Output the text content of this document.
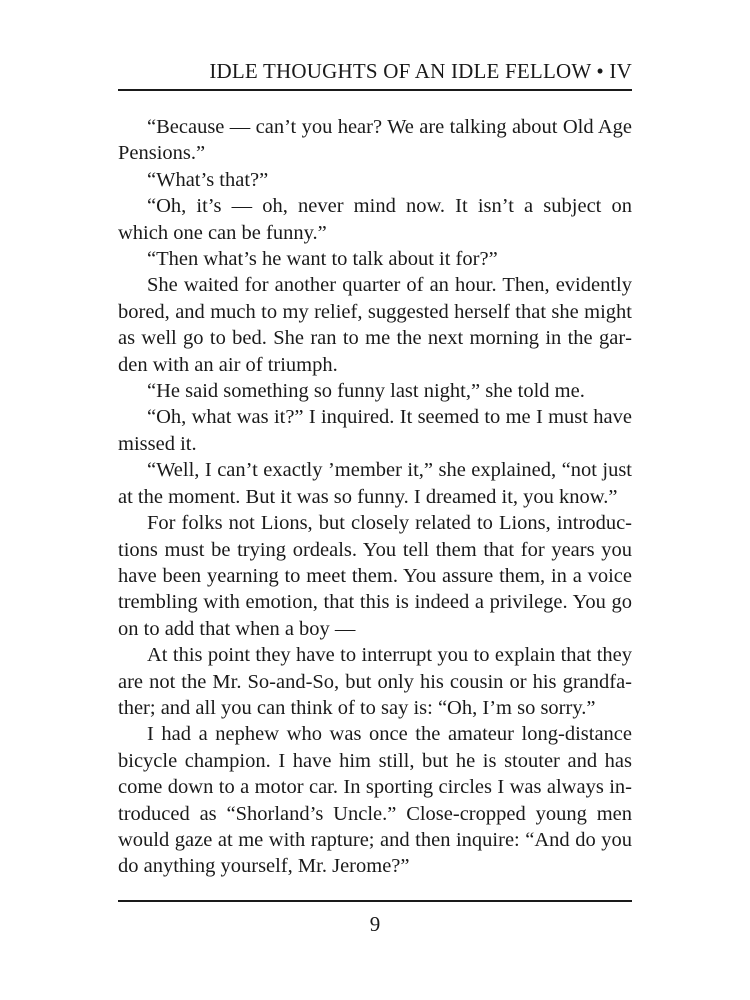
IDLE THOUGHTS OF AN IDLE FELLOW • IV

“Because — can’t you hear? We are talking about Old Age Pensions.”

“What’s that?”

“Oh, it’s — oh, never mind now. It isn’t a subject on which one can be funny.”

“Then what’s he want to talk about it for?”

She waited for another quarter of an hour. Then, evidently bored, and much to my relief, suggested herself that she might as well go to bed. She ran to me the next morning in the garden with an air of triumph.

“He said something so funny last night,” she told me.

“Oh, what was it?” I inquired. It seemed to me I must have missed it.

“Well, I can’t exactly ’member it,” she explained, “not just at the moment. But it was so funny. I dreamed it, you know.”

For folks not Lions, but closely related to Lions, introductions must be trying ordeals. You tell them that for years you have been yearning to meet them. You assure them, in a voice trembling with emotion, that this is indeed a privilege. You go on to add that when a boy —

At this point they have to interrupt you to explain that they are not the Mr. So-and-So, but only his cousin or his grandfather; and all you can think of to say is: “Oh, I’m so sorry.”

I had a nephew who was once the amateur long-distance bicycle champion. I have him still, but he is stouter and has come down to a motor car. In sporting circles I was always introduced as “Shorland’s Uncle.” Close-cropped young men would gaze at me with rapture; and then inquire: “And do you do anything yourself, Mr. Jerome?”

9
